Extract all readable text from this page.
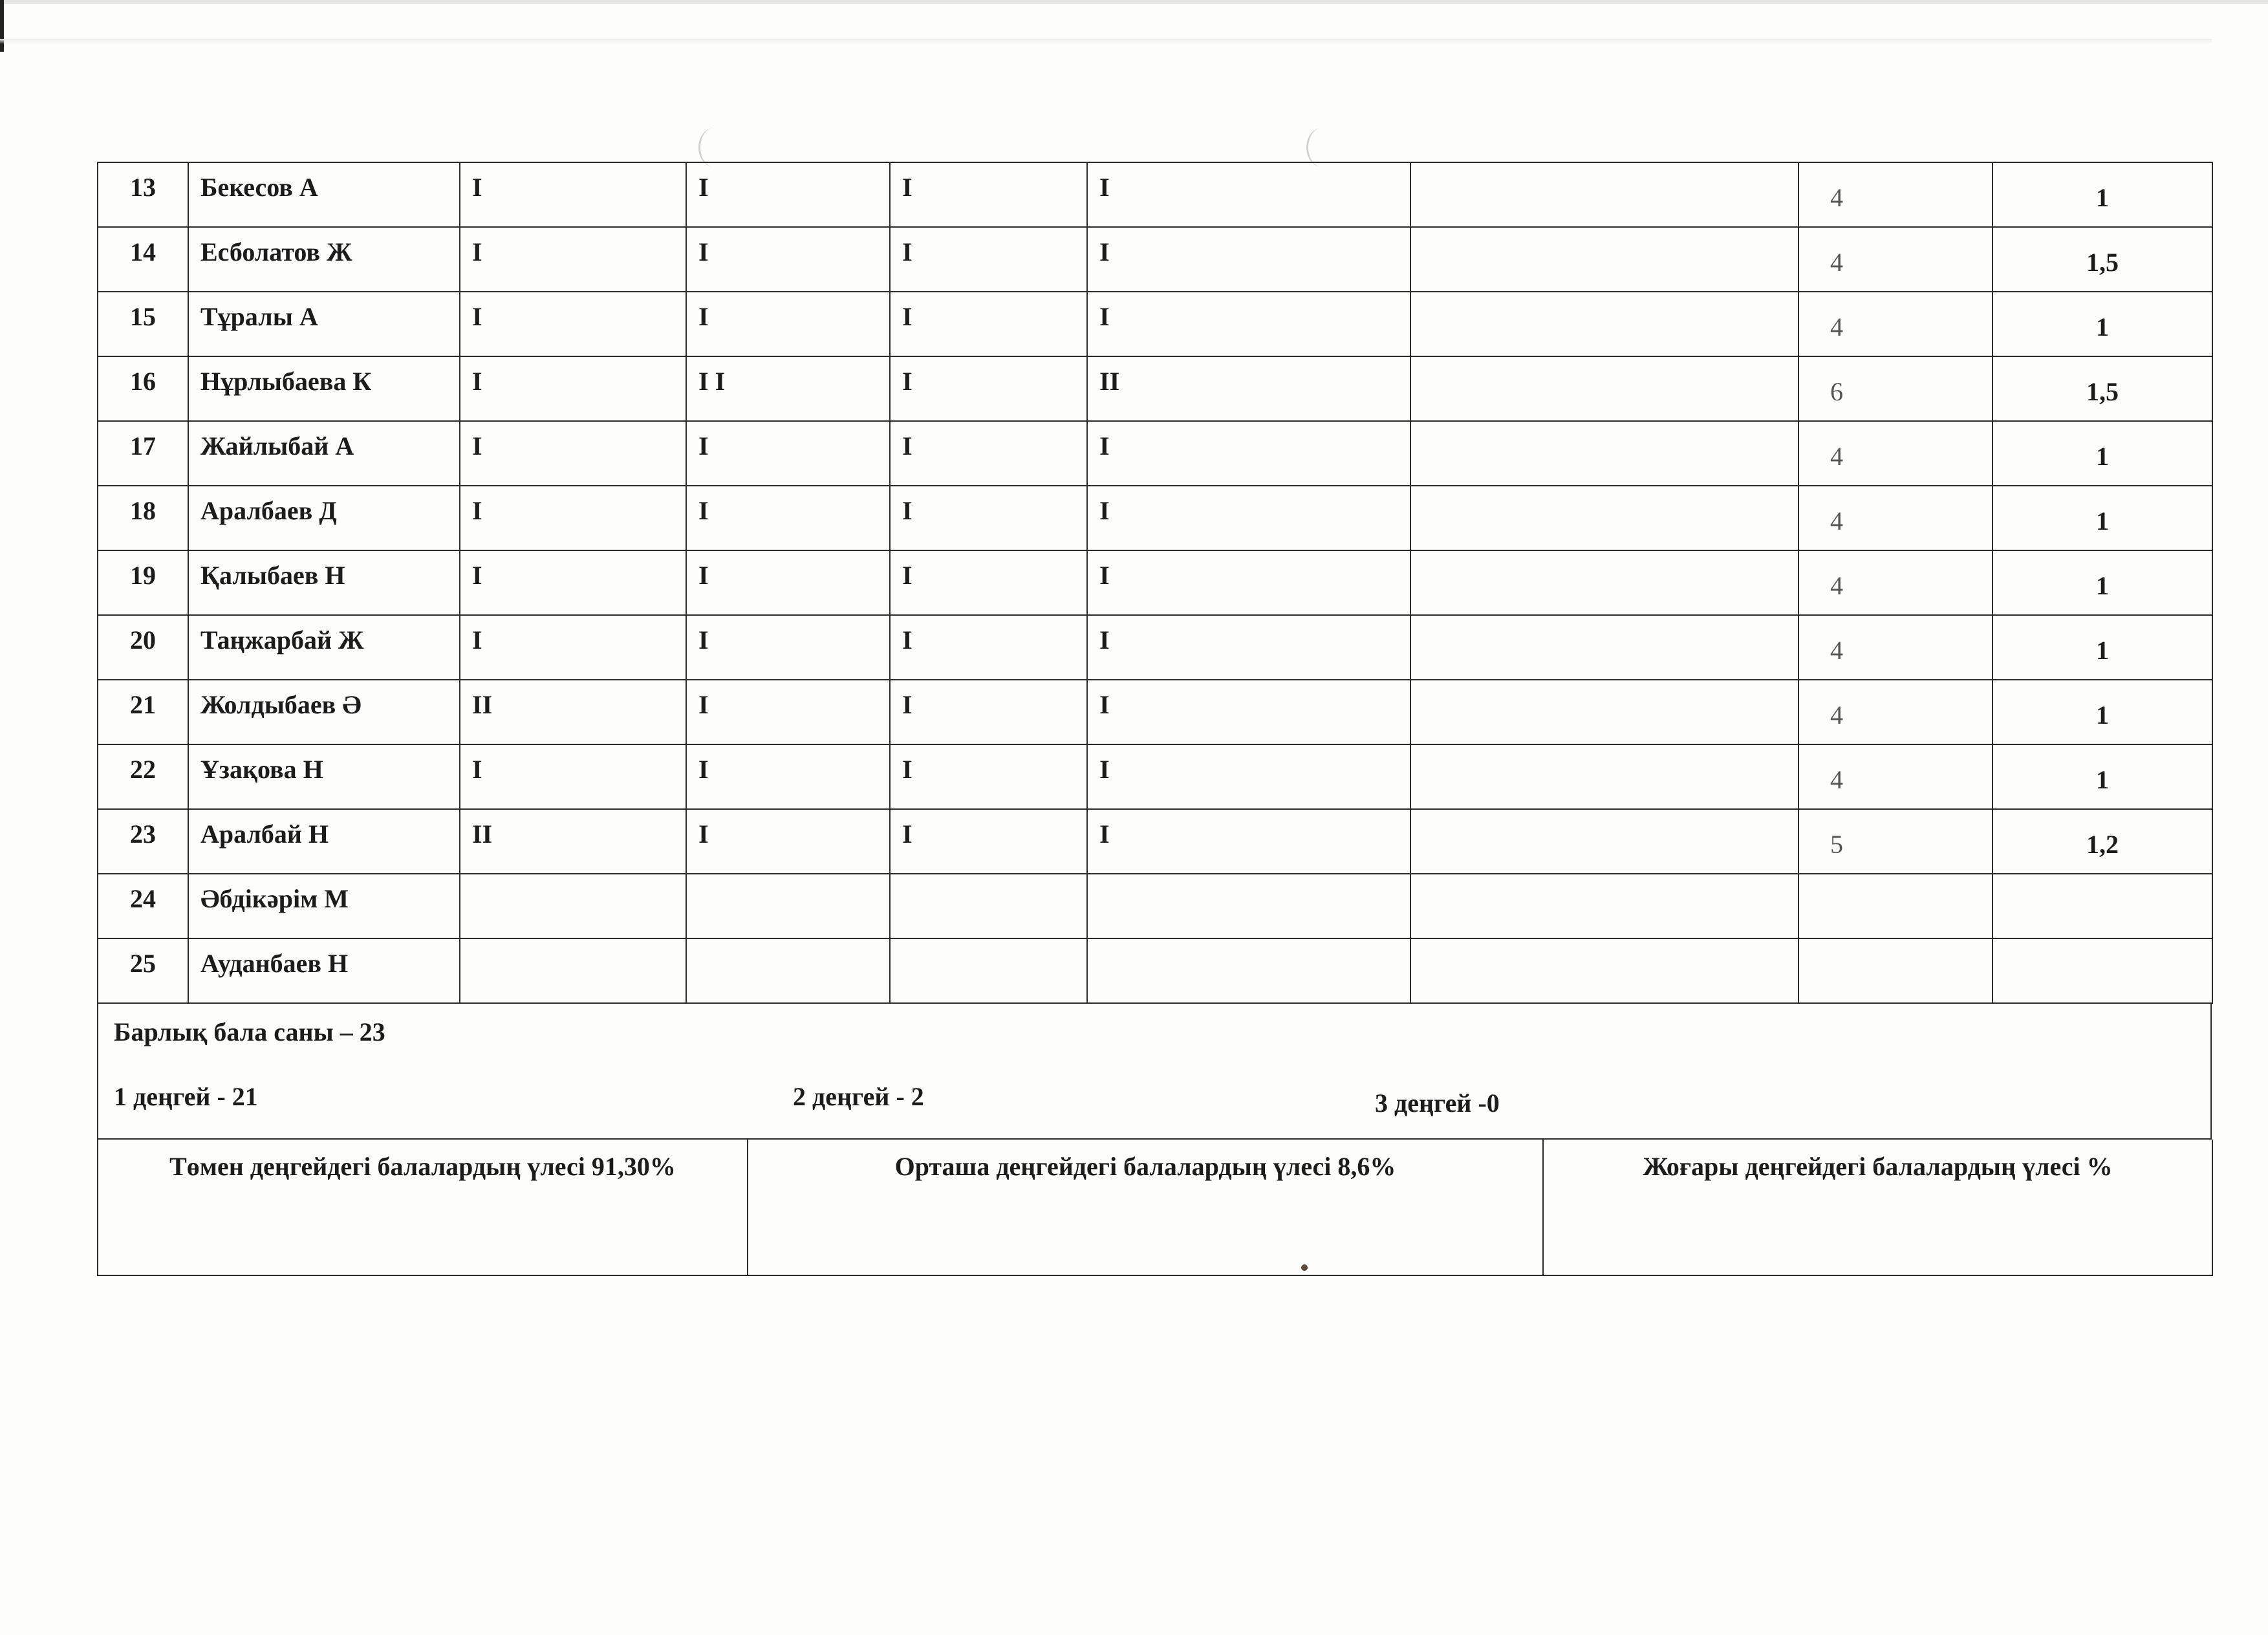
13	Бекесов А	I	I	I	I		4	1	
14	Есболатов Ж	I	I	I	I		4	1,5	
15	Тұралы А	I	I	I	I		4	1	
16	Нұрлыбаева К	I	I I	I	II		6	1,5	
17	Жайлыбай А	I	I	I	I		4	1	
18	Аралбаев Д	I	I	I	I		4	1	
19	Қалыбаев Н	I	I	I	I		4	1	
20	Таңжарбай Ж	I	I	I	I		4	1	
21	Жолдыбаев Ә	II	I	I	I		4	1	
22	Ұзақова Н	I	I	I	I		4	1	
23	Аралбай Н	II	I	I	I		5	1,2	
24	Әбдікәрім М								
25	Ауданбаев Н								
Барлық бала саны – 23
1 деңгей - 21	2 деңгей - 2	3 деңгей -0
Төмен деңгейдегі балалардың үлесі 91,30%	Орташа деңгейдегі балалардың үлесі 8,6%	Жоғары деңгейдегі балалардың үлесі %
